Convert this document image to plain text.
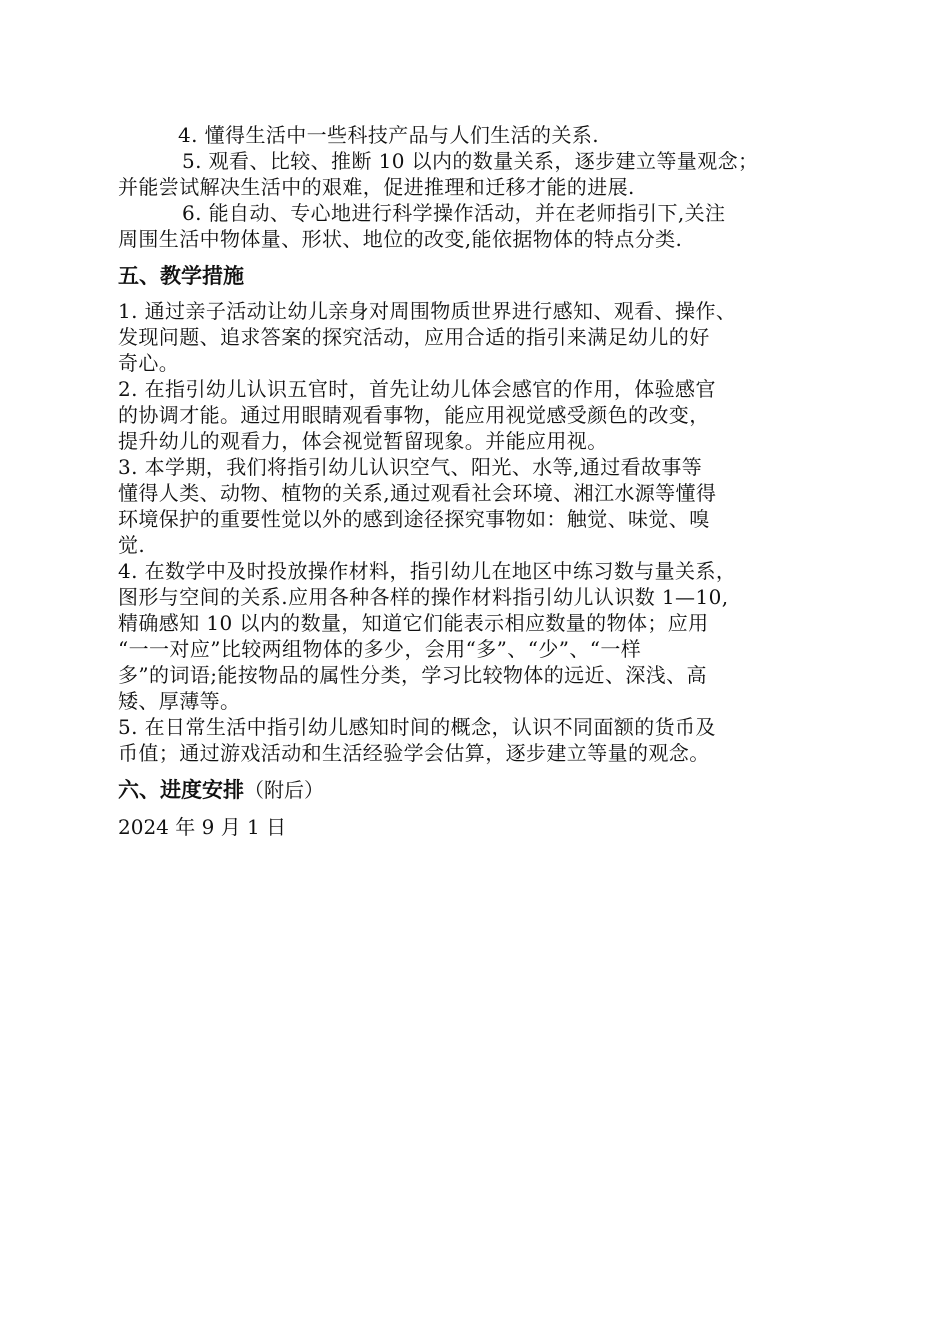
4. 懂得生活中一些科技产品与人们生活的关系.
5. 观看、比较、推断 10 以内的数量关系，逐步建立等量观念；
并能尝试解决生活中的艰难，促进推理和迁移才能的进展.
6. 能自动、专心地进行科学操作活动，并在老师指引下,关注
周围生活中物体量、形状、地位的改变,能依据物体的特点分类.
五、教学措施
1. 通过亲子活动让幼儿亲身对周围物质世界进行感知、观看、操作、
发现问题、追求答案的探究活动，应用合适的指引来满足幼儿的好
奇心。
2. 在指引幼儿认识五官时，首先让幼儿体会感官的作用，体验感官
的协调才能。通过用眼睛观看事物，能应用视觉感受颜色的改变，
提升幼儿的观看力，体会视觉暂留现象。并能应用视。
3. 本学期，我们将指引幼儿认识空气、阳光、水等,通过看故事等
懂得人类、动物、植物的关系,通过观看社会环境、湘江水源等懂得
环境保护的重要性觉以外的感到途径探究事物如：触觉、味觉、嗅
觉.
4. 在数学中及时投放操作材料，指引幼儿在地区中练习数与量关系，
图形与空间的关系.应用各种各样的操作材料指引幼儿认识数 1—10,
精确感知 10 以内的数量，知道它们能表示相应数量的物体；应用
“一一对应”比较两组物体的多少，会用“多”、“少”、“一样
多”的词语;能按物品的属性分类，学习比较物体的远近、深浅、高
矮、厚薄等。
5. 在日常生活中指引幼儿感知时间的概念，认识不同面额的货币及
币值；通过游戏活动和生活经验学会估算，逐步建立等量的观念。
六、进度安排（附后）
2024 年 9 月 1 日
